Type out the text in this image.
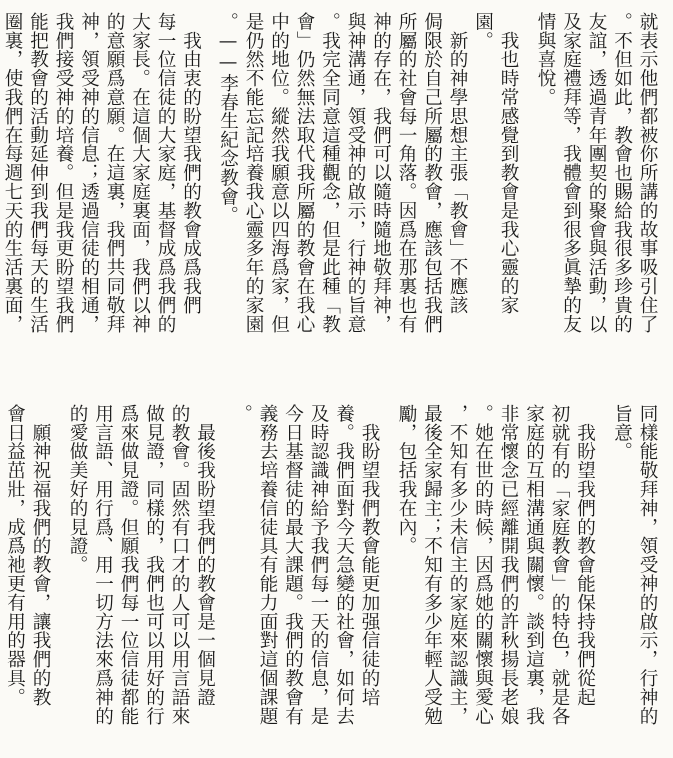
就表示他們都被你所講的故事吸引住了
。不但如此，教會也賜給我很多珍貴的
友誼，透過青年團契的聚會與活動，以
及家庭禮拜等，我體會到很多眞摯的友
情與喜悅。
　我也時常感覺到教會是我心靈的家
園。
　新的神學思想主張「教會」不應該
侷限於自己所屬的教會，應該包括我們
所屬的社會每一角落。因爲在那裏也有
神的存在，我們可以隨時隨地敬拜神，
與神溝通，領受神的啟示，行神的旨意
。我完全同意這種觀念，但是此種「教
會」仍然無法取代我所屬的教會在我心
中的地位。縱然我願意以四海爲家，但
是仍然不能忘記培養我心靈多年的家園
。——李春生紀念教會。
　我由衷的盼望我們的教會成爲我們
每一位信徒的大家庭，基督成爲我們的
大家長。在這個大家庭裏面，我們以神
的意願爲意願。在這裏，我們共同敬拜
神，領受神的信息；透過信徒的相通，
我們接受神的培養。但是我更盼望我們
能把教會的活動延伸到我們每天的生活
圈裏，使我們在每週七天的生活裏面，
同樣能敬拜神，領受神的啟示，行神的
旨意。
　我盼望我們的教會能保持我們從起
初就有的「家庭教會」的特色，就是各
家庭的互相溝通與關懷。談到這裏，我
非常懷念已經離開我們的許秋揚長老娘
。她在世的時候，因爲她的關懷與愛心
，不知有多少未信主的家庭來認識主，
最後全家歸主；不知有多少年輕人受勉
勵，包括我在內。
　我盼望我們教會能更加强信徒的培
養。我們面對今天急變的社會，如何去
及時認識神給予我們每一天的信息，是
今日基督徒的最大課題。我們的教會有
義務去培養信徒具有能力面對這個課題
。
　最後我盼望我們的教會是一個見證
的教會。固然有口才的人可以用言語來
做見證，同樣的，我們也可以用好的行
爲來做見證。但願我們每一位信徒都能
用言語、用行爲、用一切方法來爲神的
的愛做美好的見證。
　願神祝福我們的教會，讓我們的教
會日益茁壯，成爲祂更有用的器具。
